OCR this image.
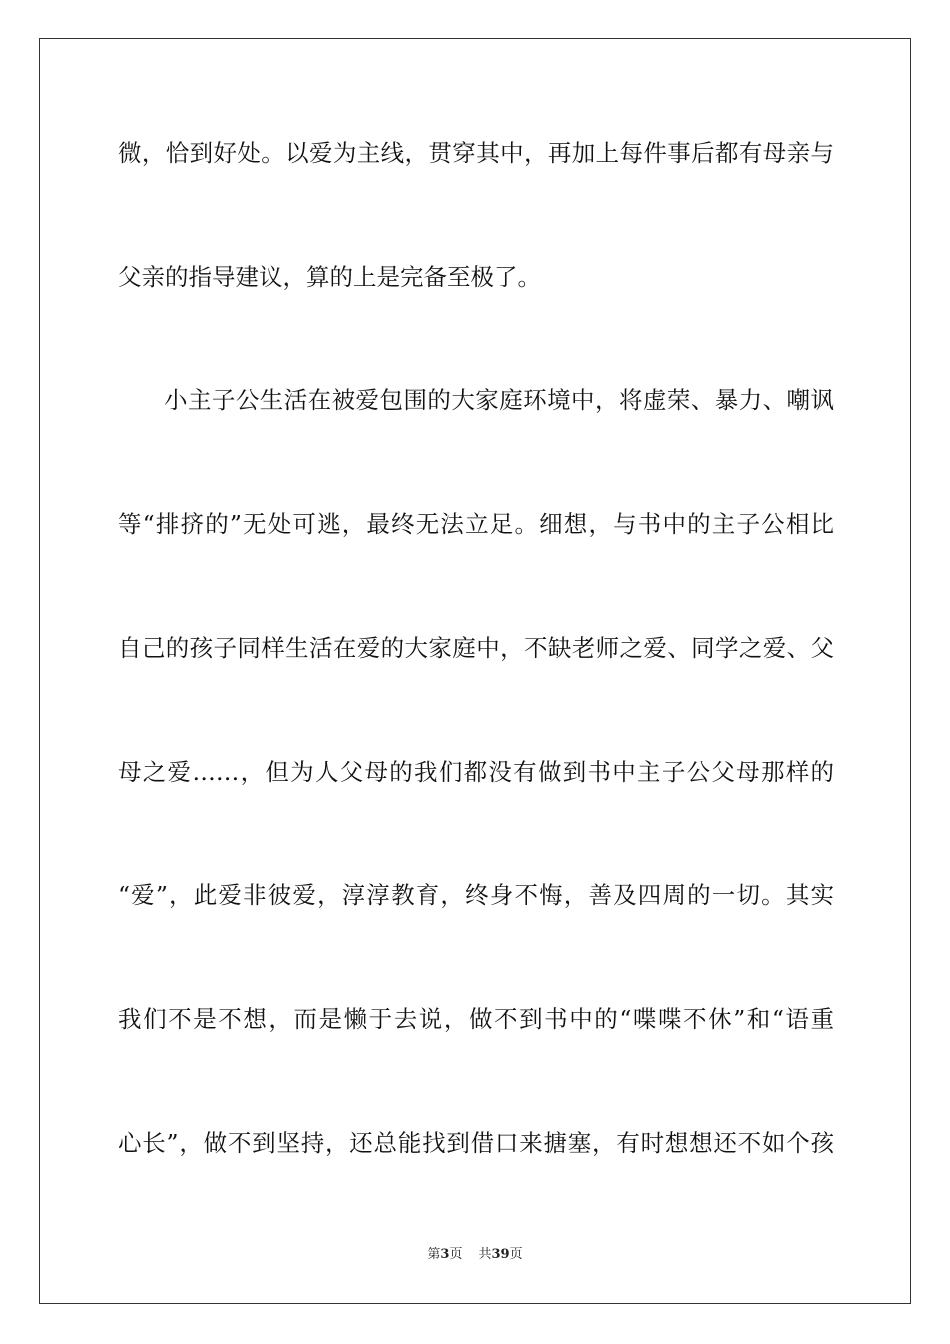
微，恰到好处。以爱为主线，贯穿其中，再加上每件事后都有母亲与
父亲的指导建议，算的上是完备至极了。
小主子公生活在被爱包围的大家庭环境中，将虚荣、暴力、嘲讽
等“排挤的”无处可逃，最终无法立足。细想，与书中的主子公相比
自己的孩子同样生活在爱的大家庭中，不缺老师之爱、同学之爱、父
母之爱……，但为人父母的我们都没有做到书中主子公父母那样的
“爱”，此爱非彼爱，淳淳教育，终身不悔，善及四周的一切。其实
我们不是不想，而是懒于去说，做不到书中的“喋喋不休”和“语重
心长”，做不到坚持，还总能找到借口来搪塞，有时想想还不如个孩
第3页 共39页
